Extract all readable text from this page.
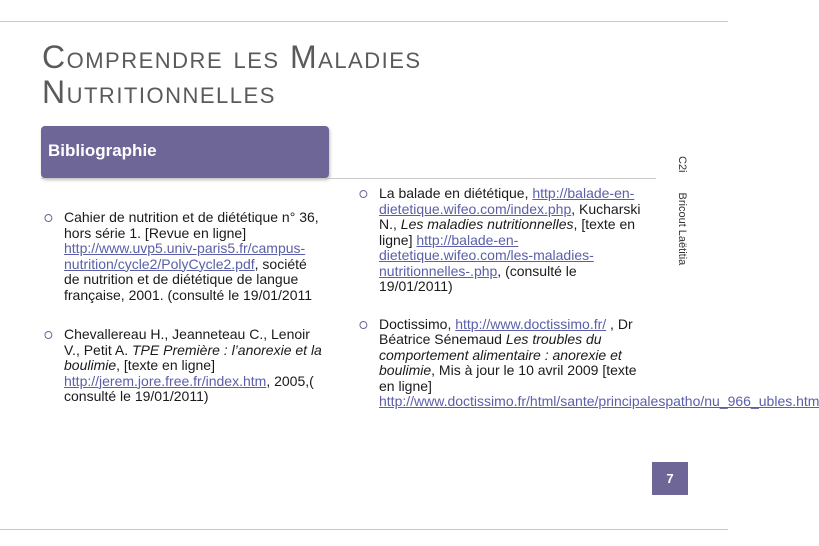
Comprendre les Maladies
Nutritionnelles
Bibliographie
⭘ Cahier de nutrition et de diététique n° 36, hors série 1. [Revue en ligne] http://www.uvp5.univ-paris5.fr/campus-nutrition/cycle2/PolyCycle2.pdf, société de nutrition et de diététique de langue française, 2001. (consulté le 19/01/2011
⭘ Chevallereau H., Jeanneteau C., Lenoir V., Petit A. TPE Première : l’anorexie et la boulimie, [texte en ligne] http://jerem.jore.free.fr/index.htm, 2005,( consulté le 19/01/2011)
⭘ La balade en diététique, http://balade-en-dietetique.wifeo.com/index.php, Kucharski N., Les maladies nutritionnelles, [texte en ligne] http://balade-en-dietetique.wifeo.com/les-maladies-nutritionnelles-.php, (consulté le 19/01/2011)
⭘ Doctissimo, http://www.doctissimo.fr/ , Dr Béatrice Sénemaud Les troubles du comportement alimentaire : anorexie et boulimie, Mis à jour le 10 avril 2009 [texte en ligne] http://www.doctissimo.fr/html/sante/principalespatho/nu_966_ubles.htm
C2iBricout Laëtitia
7
